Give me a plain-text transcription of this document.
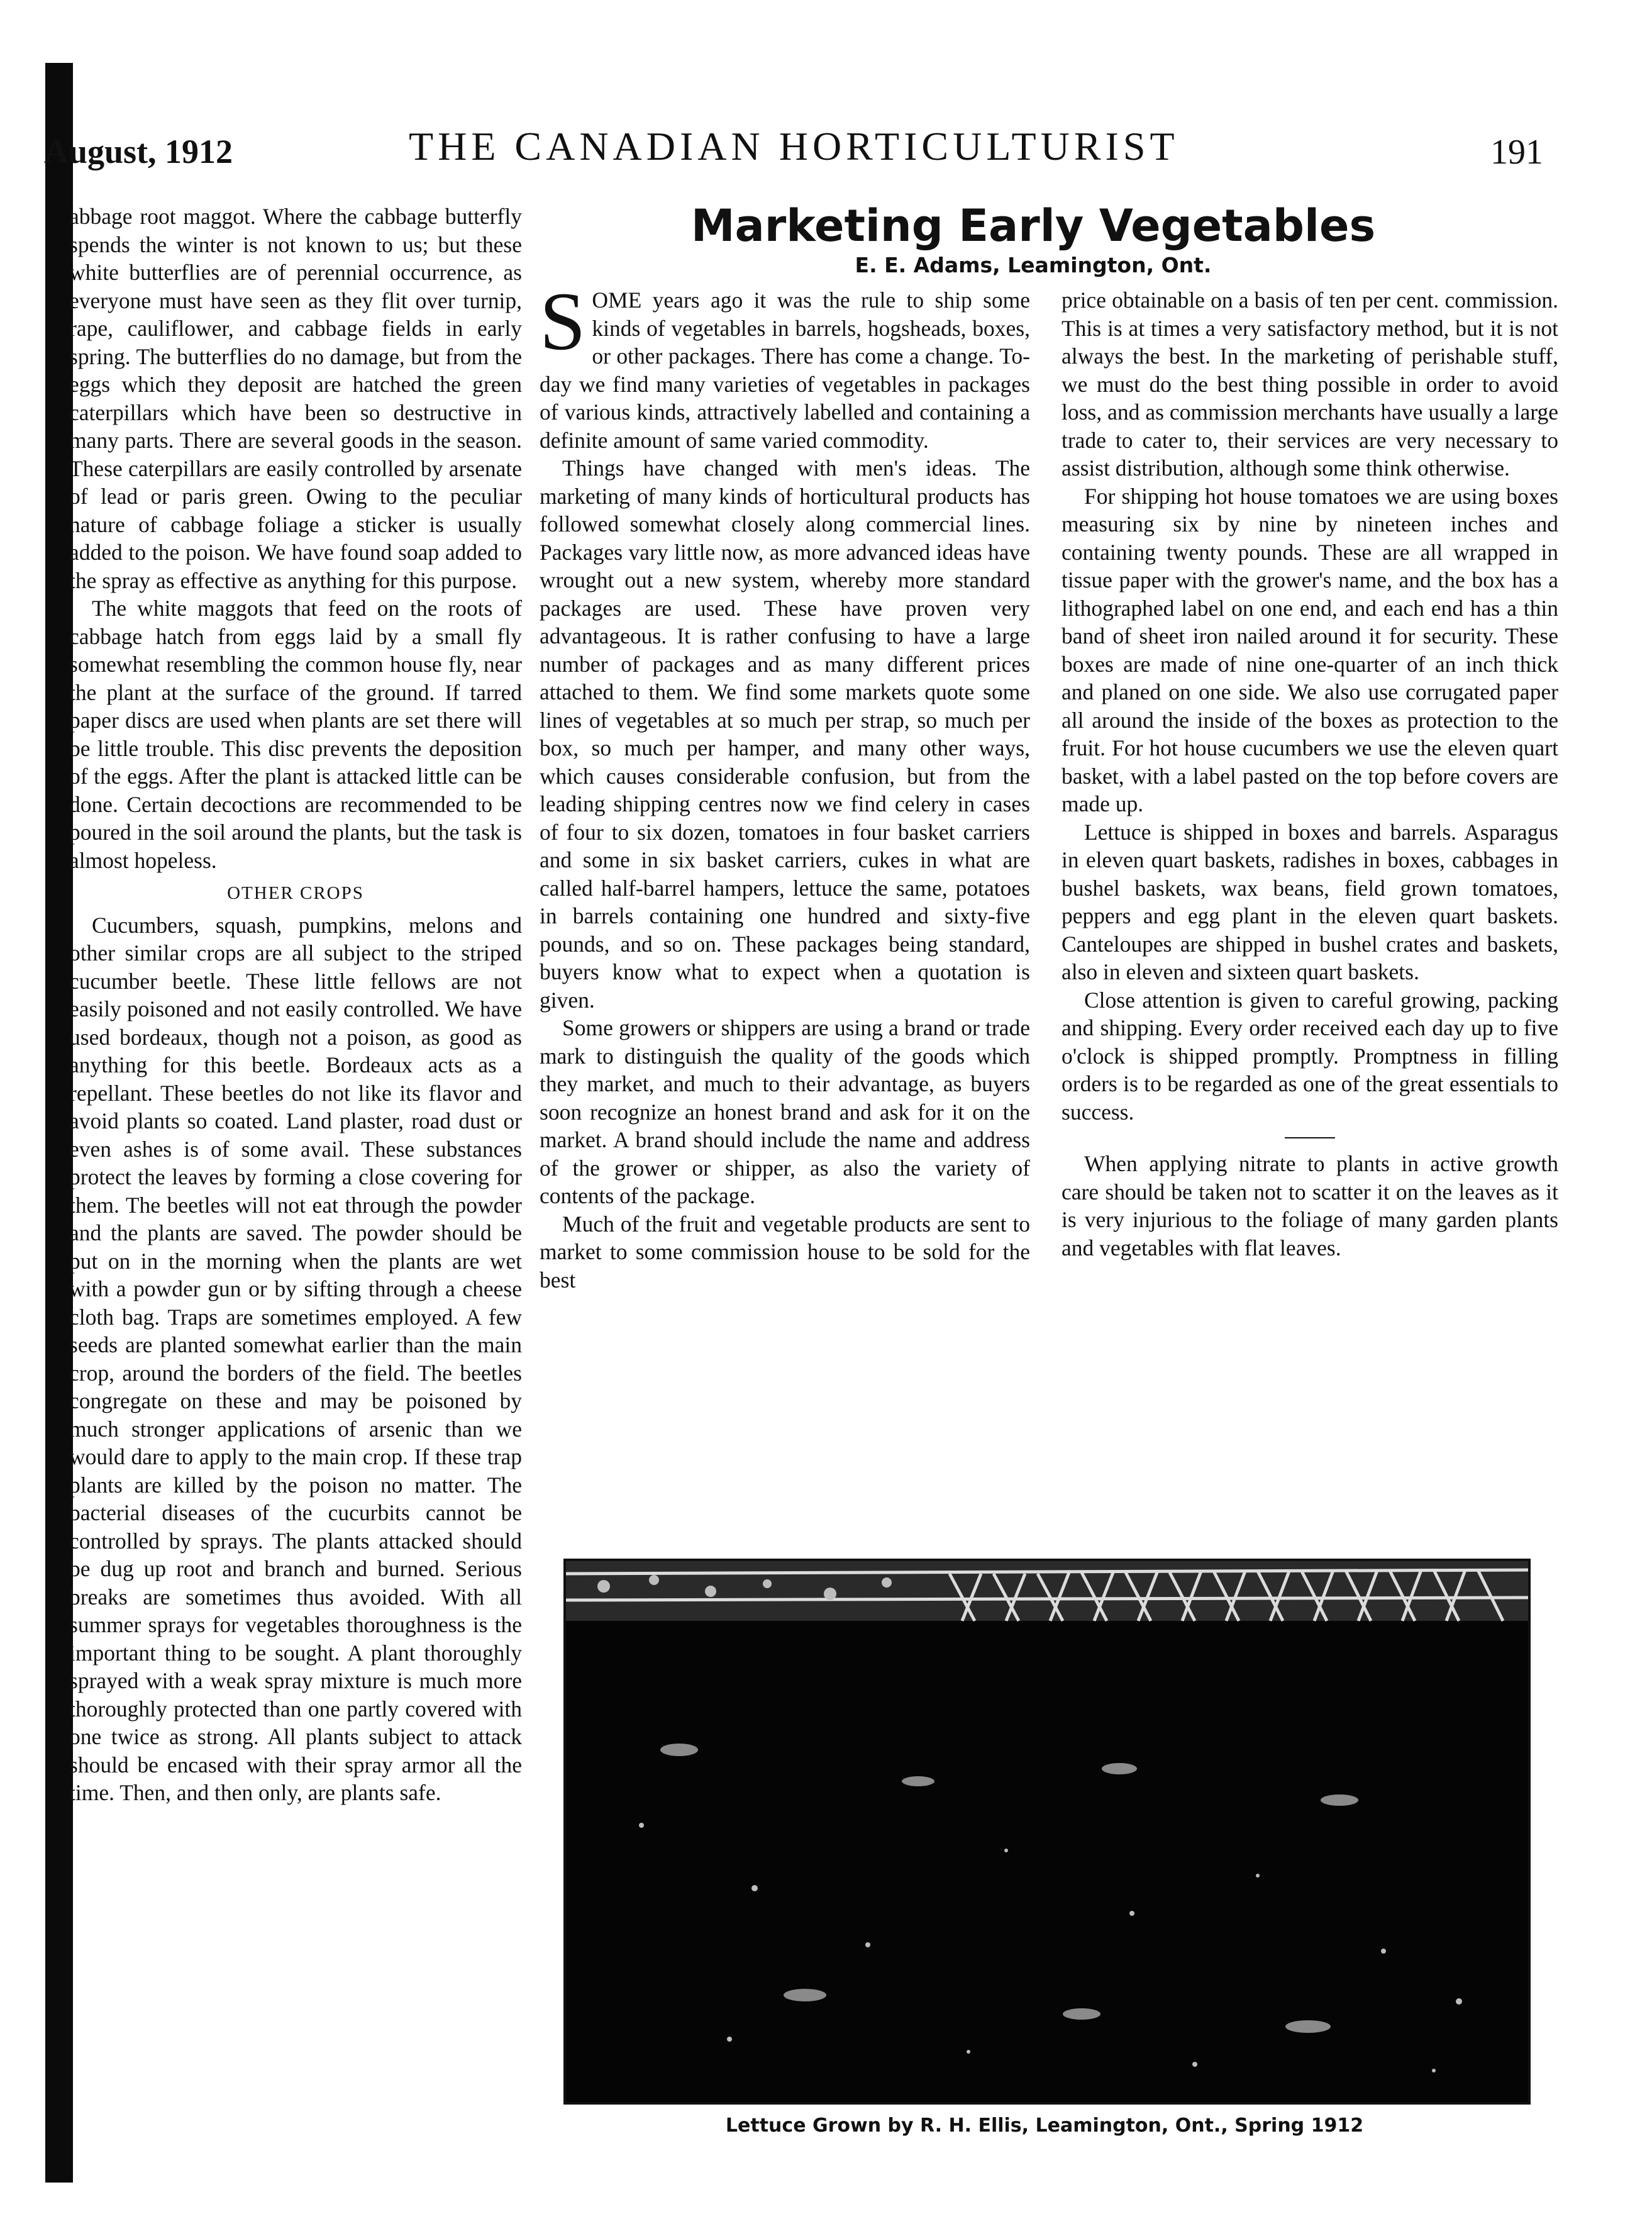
August, 1912	THE CANADIAN HORTICULTURIST	191

abbage root maggot. Where the cabbage butterfly spends the winter is not known to us; but these white butterflies are of perennial occurrence, as everyone must have seen as they flit over turnip, rape, cauliflower, and cabbage fields in early spring. The butterflies do no damage, but from the eggs which they deposit are hatched the green caterpillars which have been so destructive in many parts. There are several goods in the season. These caterpillars are easily controlled by arsenate of lead or paris green. Owing to the peculiar nature of cabbage foliage a sticker is usually added to the poison. We have found soap added to the spray as effective as anything for this purpose.

The white maggots that feed on the roots of cabbage hatch from eggs laid by a small fly somewhat resembling the common house fly, near the plant at the surface of the ground. If tarred paper discs are used when plants are set there will be little trouble. This disc prevents the deposition of the eggs. After the plant is attacked little can be done. Certain decoctions are recommended to be poured in the soil around the plants, but the task is almost hopeless.

OTHER CROPS

Cucumbers, squash, pumpkins, melons and other similar crops are all subject to the striped cucumber beetle. These little fellows are not easily poisoned and not easily controlled. We have used bordeaux, though not a poison, as good as anything for this beetle. Bordeaux acts as a repellant. These beetles do not like its flavor and avoid plants so coated. Land plaster, road dust or even ashes is of some avail. These substances protect the leaves by forming a close covering for them. The beetles will not eat through the powder and the plants are saved. The powder should be put on in the morning when the plants are wet with a powder gun or by sifting through a cheese cloth bag. Traps are sometimes employed. A few seeds are planted somewhat earlier than the main crop, around the borders of the field. The beetles congregate on these and may be poisoned by much stronger applications of arsenic than we would dare to apply to the main crop. If these trap plants are killed by the poison no matter. The bacterial diseases of the cucurbits cannot be controlled by sprays. The plants attacked should be dug up root and branch and burned. Serious breaks are sometimes thus avoided. With all summer sprays for vegetables thoroughness is the important thing to be sought. A plant thoroughly sprayed with a weak spray mixture is much more thoroughly protected than one partly covered with one twice as strong. All plants subject to attack should be encased with their spray armor all the time. Then, and then only, are plants safe.

Marketing Early Vegetables
E. E. Adams, Leamington, Ont.

SOME years ago it was the rule to ship some kinds of vegetables in barrels, hogsheads, boxes, or other packages. There has come a change. To-day we find many varieties of vegetables in packages of various kinds, attractively labelled and containing a definite amount of same varied commodity.

Things have changed with men's ideas. The marketing of many kinds of horticultural products has followed somewhat closely along commercial lines. Packages vary little now, as more advanced ideas have wrought out a new system, whereby more standard packages are used. These have proven very advantageous. It is rather confusing to have a large number of packages and as many different prices attached to them. We find some markets quote some lines of vegetables at so much per strap, so much per box, so much per hamper, and many other ways, which causes considerable confusion, but from the leading shipping centres now we find celery in cases of four to six dozen, tomatoes in four basket carriers and some in six basket carriers, cukes in what are called half-barrel hampers, lettuce the same, potatoes in barrels containing one hundred and sixty-five pounds, and so on. These packages being standard, buyers know what to expect when a quotation is given.

Some growers or shippers are using a brand or trade mark to distinguish the quality of the goods which they market, and much to their advantage, as buyers soon recognize an honest brand and ask for it on the market. A brand should include the name and address of the grower or shipper, as also the variety of contents of the package.

Much of the fruit and vegetable products are sent to market to some commission house to be sold for the best

price obtainable on a basis of ten per cent. commission. This is at times a very satisfactory method, but it is not always the best. In the marketing of perishable stuff, we must do the best thing possible in order to avoid loss, and as commission merchants have usually a large trade to cater to, their services are very necessary to assist distribution, although some think otherwise.

For shipping hot house tomatoes we are using boxes measuring six by nine by nineteen inches and containing twenty pounds. These are all wrapped in tissue paper with the grower's name, and the box has a lithographed label on one end, and each end has a thin band of sheet iron nailed around it for security. These boxes are made of nine one-quarter of an inch thick and planed on one side. We also use corrugated paper all around the inside of the boxes as protection to the fruit. For hot house cucumbers we use the eleven quart basket, with a label pasted on the top before covers are made up.

Lettuce is shipped in boxes and barrels. Asparagus in eleven quart baskets, radishes in boxes, cabbages in bushel baskets, wax beans, field grown tomatoes, peppers and egg plant in the eleven quart baskets. Canteloupes are shipped in bushel crates and baskets, also in eleven and sixteen quart baskets.

Close attention is given to careful growing, packing and shipping. Every order received each day up to five o'clock is shipped promptly. Promptness in filling orders is to be regarded as one of the great essentials to success.

When applying nitrate to plants in active growth care should be taken not to scatter it on the leaves as it is very injurious to the foliage of many garden plants and vegetables with flat leaves.

Lettuce Grown by R. H. Ellis, Leamington, Ont., Spring 1912
